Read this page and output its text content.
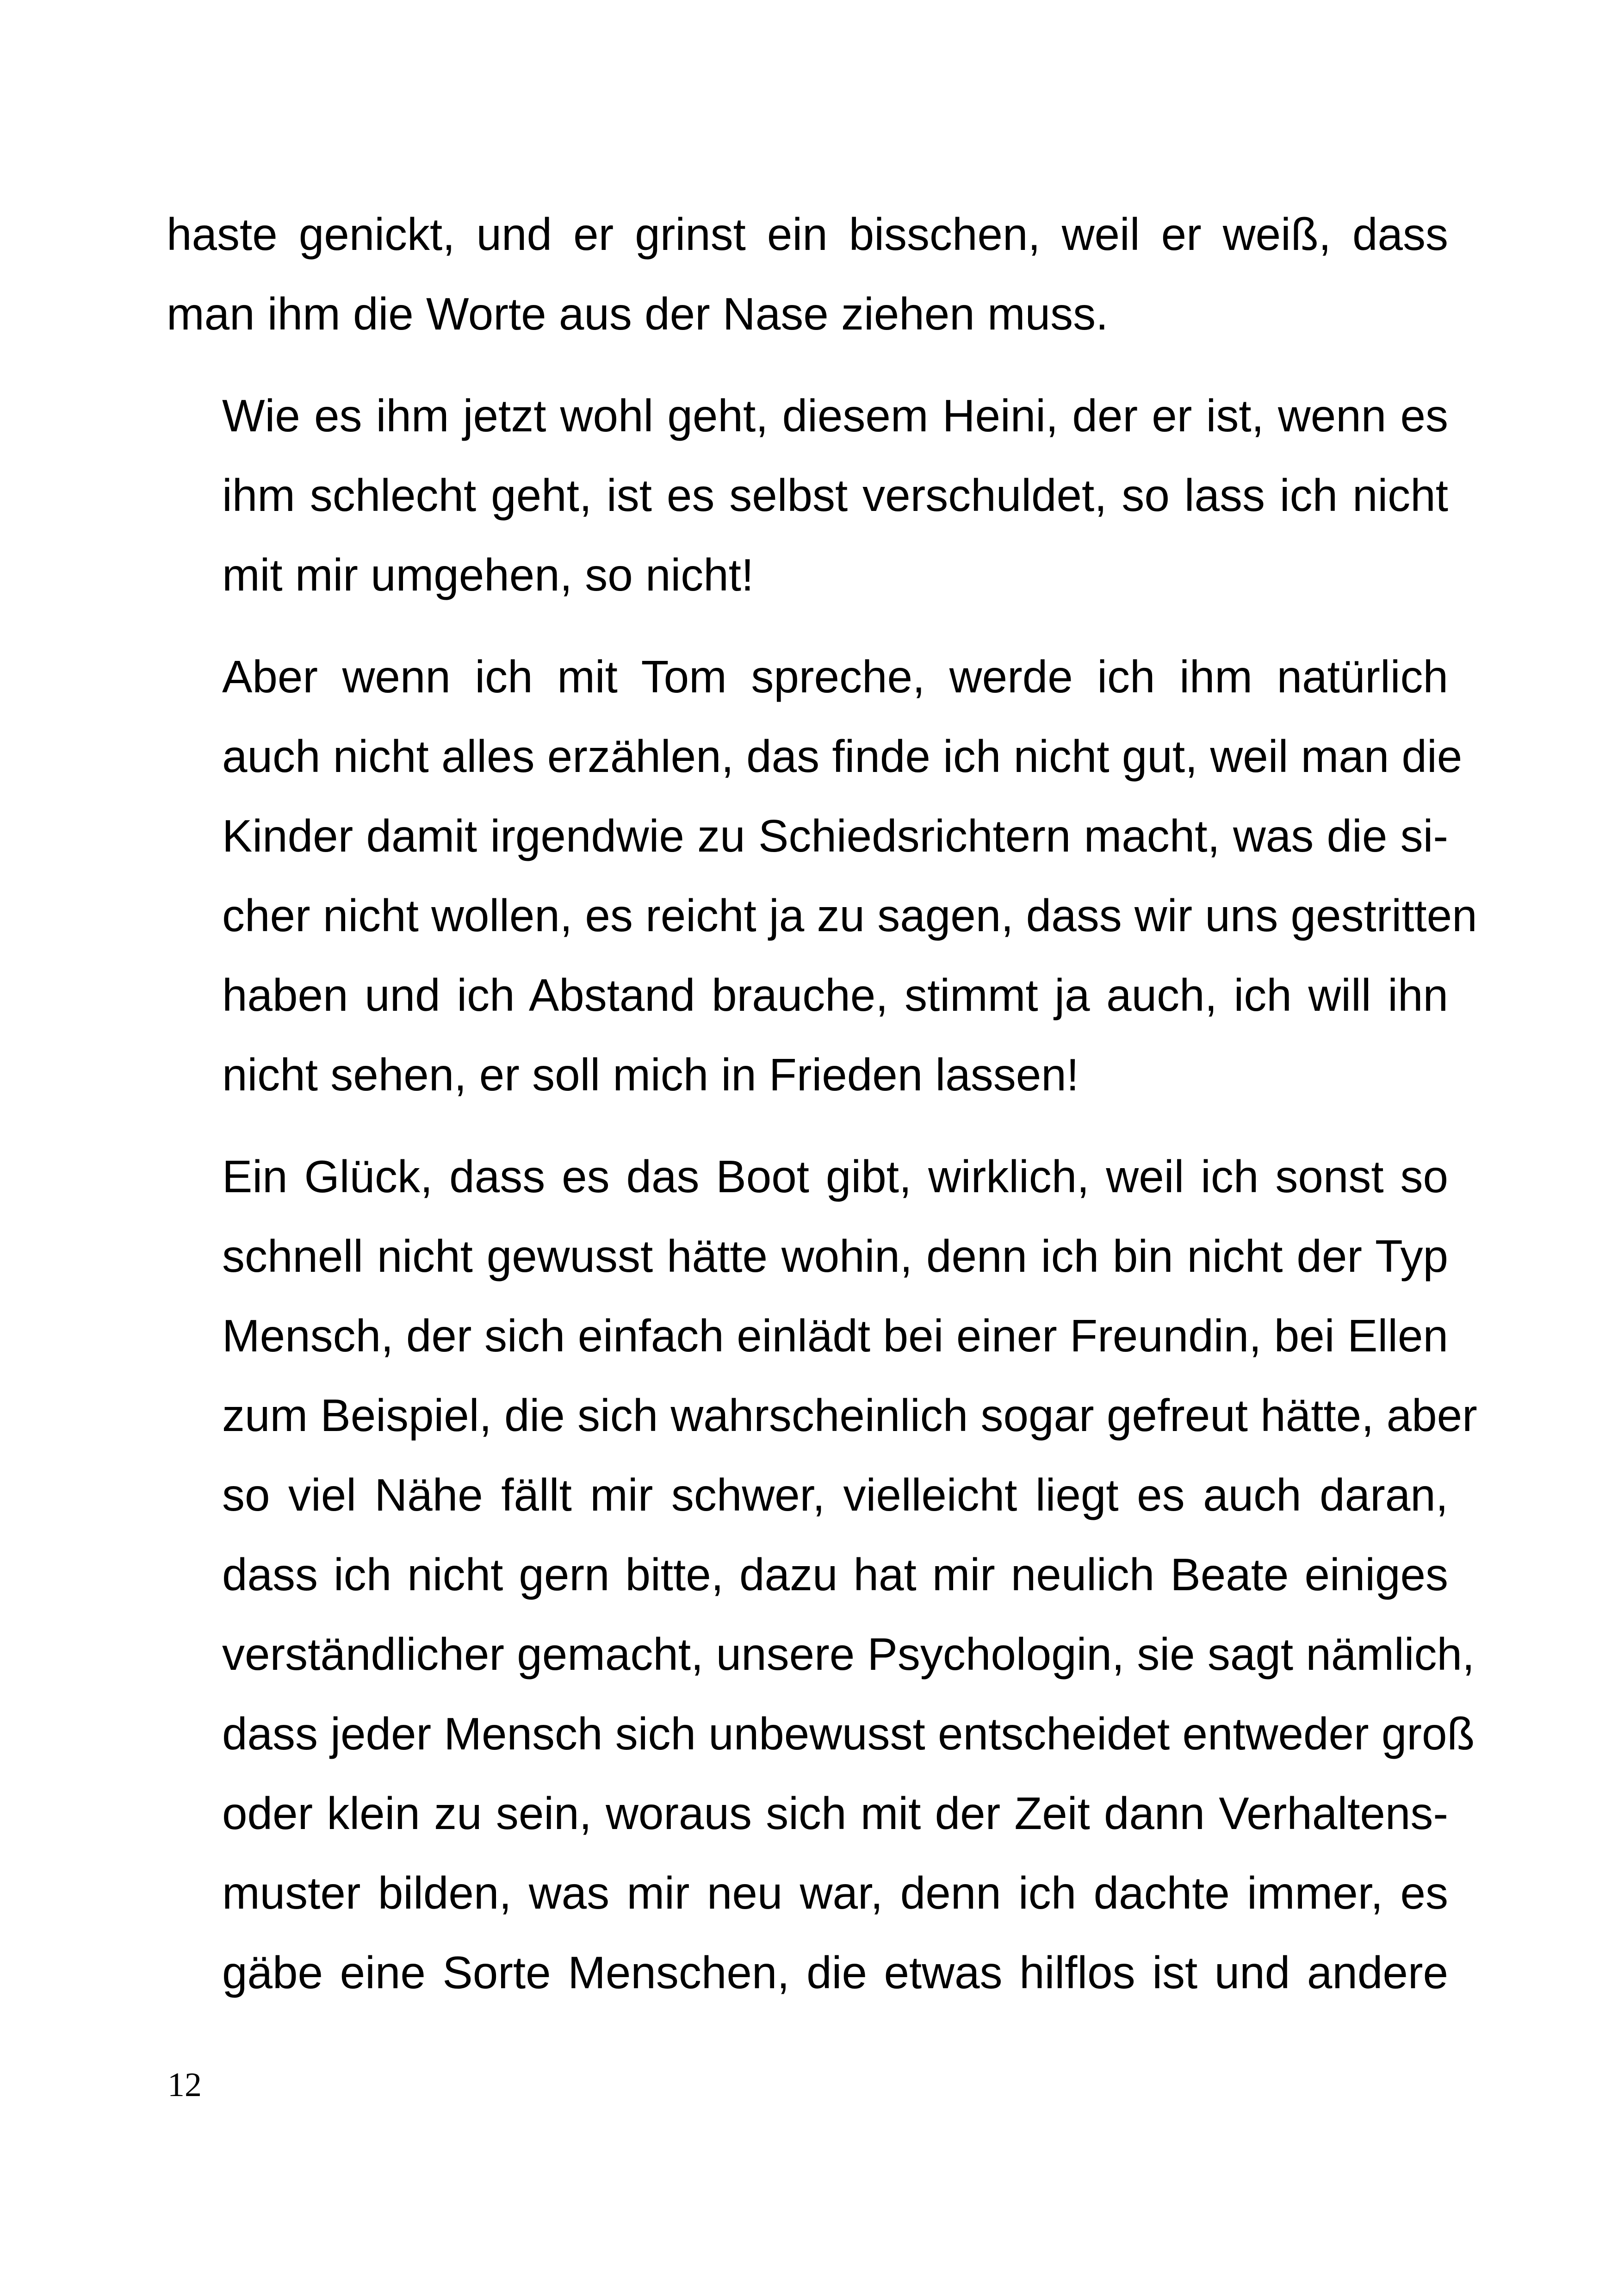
haste genickt, und er grinst ein bisschen, weil er weiß, dass
man ihm die Worte aus der Nase ziehen muss.

Wie es ihm jetzt wohl geht, diesem Heini, der er ist, wenn es
ihm schlecht geht, ist es selbst verschuldet, so lass ich nicht
mit mir umgehen, so nicht!

Aber wenn ich mit Tom spreche, werde ich ihm natürlich
auch nicht alles erzählen, das finde ich nicht gut, weil man die
Kinder damit irgendwie zu Schiedsrichtern macht, was die si-
cher nicht wollen, es reicht ja zu sagen, dass wir uns gestritten
haben und ich Abstand brauche, stimmt ja auch, ich will ihn
nicht sehen, er soll mich in Frieden lassen!

Ein Glück, dass es das Boot gibt, wirklich, weil ich sonst so
schnell nicht gewusst hätte wohin, denn ich bin nicht der Typ
Mensch, der sich einfach einlädt bei einer Freundin, bei Ellen
zum Beispiel, die sich wahrscheinlich sogar gefreut hätte, aber
so viel Nähe fällt mir schwer, vielleicht liegt es auch daran,
dass ich nicht gern bitte, dazu hat mir neulich Beate einiges
verständlicher gemacht, unsere Psychologin, sie sagt nämlich,
dass jeder Mensch sich unbewusst entscheidet entweder groß
oder klein zu sein, woraus sich mit der Zeit dann Verhaltens-
muster bilden, was mir neu war, denn ich dachte immer, es
gäbe eine Sorte Menschen, die etwas hilflos ist und andere

12
